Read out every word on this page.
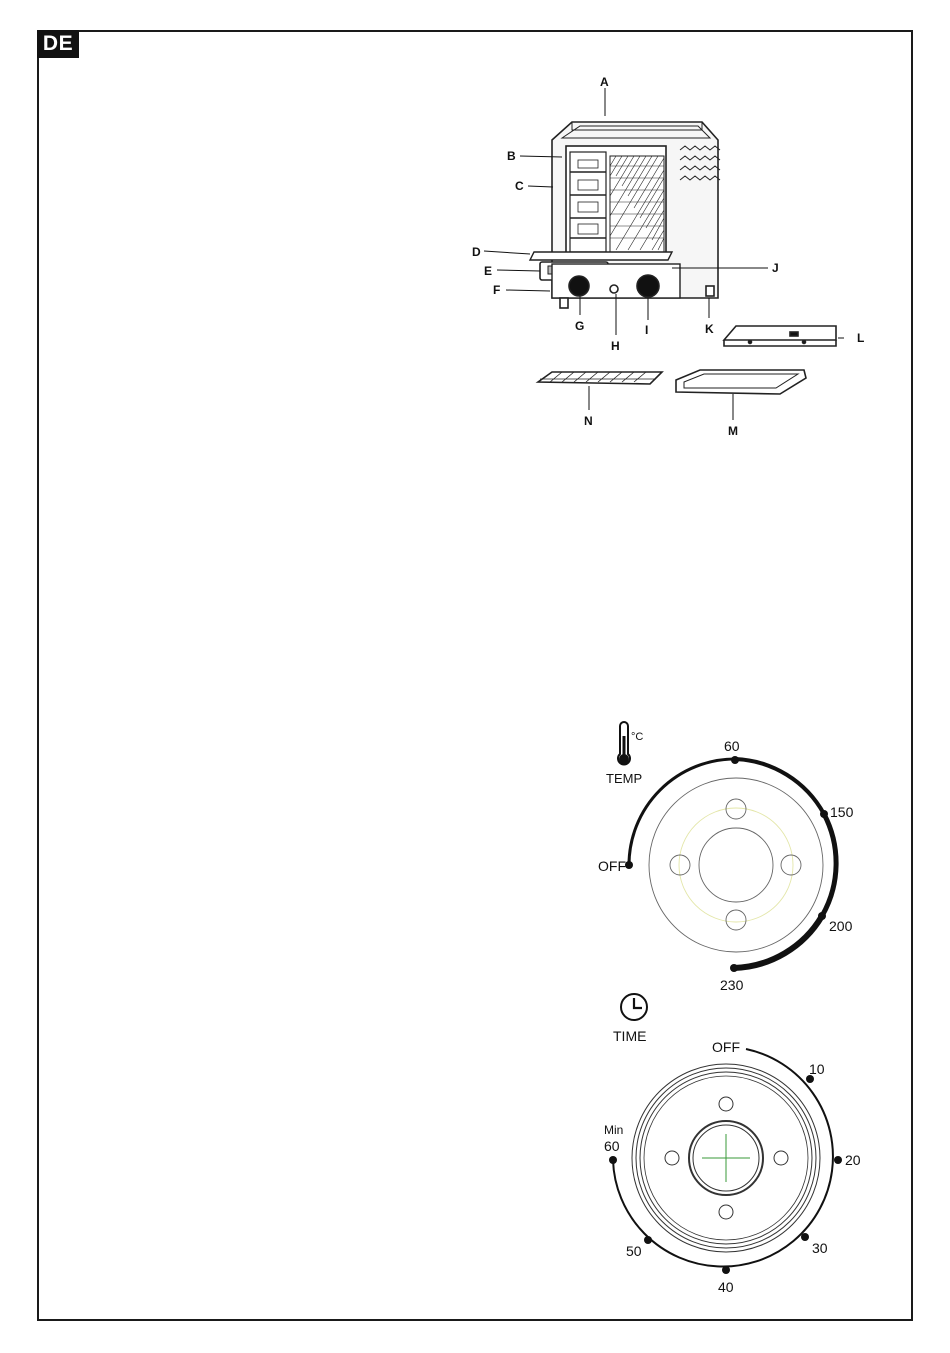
DE
A
B
C
D
E
F
G
H
I
J
K
L
M
N
°C
TEMP
OFF
60
150
200
230
TIME
OFF
10
20
30
40
50
60
Min
